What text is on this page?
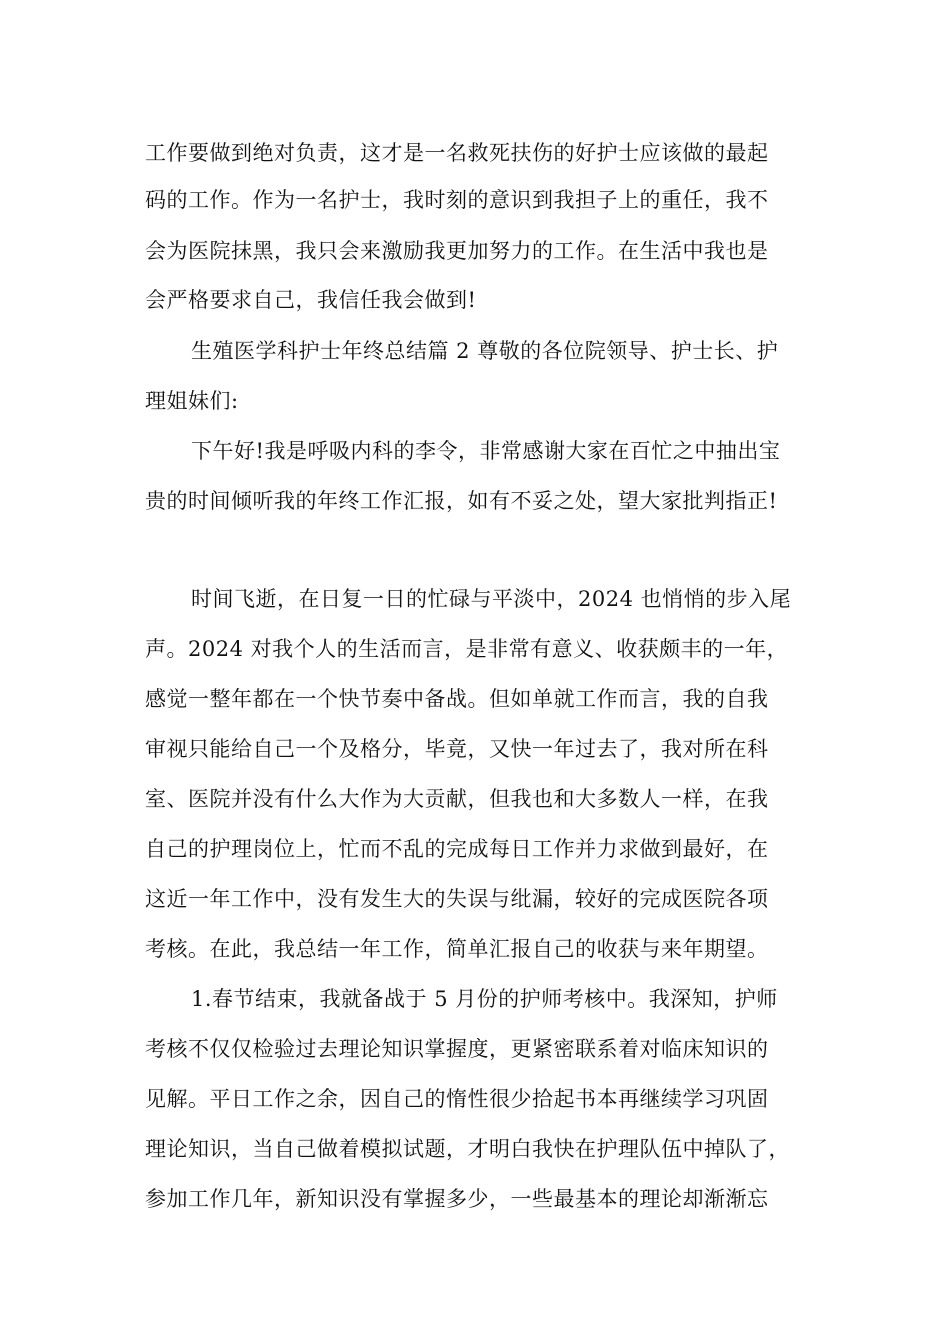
工作要做到绝对负责，这才是一名救死扶伤的好护士应该做的最起
码的工作。作为一名护士，我时刻的意识到我担子上的重任，我不
会为医院抹黑，我只会来激励我更加努力的工作。在生活中我也是
会严格要求自己，我信任我会做到!
生殖医学科护士年终总结篇 2 尊敬的各位院领导、护士长、护
理姐妹们:
下午好!我是呼吸内科的李令，非常感谢大家在百忙之中抽出宝
贵的时间倾听我的年终工作汇报，如有不妥之处，望大家批判指正!
时间飞逝，在日复一日的忙碌与平淡中，2024 也悄悄的步入尾
声。2024 对我个人的生活而言，是非常有意义、收获颇丰的一年，
感觉一整年都在一个快节奏中备战。但如单就工作而言，我的自我
审视只能给自己一个及格分，毕竟，又快一年过去了，我对所在科
室、医院并没有什么大作为大贡献，但我也和大多数人一样，在我
自己的护理岗位上，忙而不乱的完成每日工作并力求做到最好，在
这近一年工作中，没有发生大的失误与纰漏，较好的完成医院各项
考核。在此，我总结一年工作，简单汇报自己的收获与来年期望。
1.春节结束，我就备战于 5 月份的护师考核中。我深知，护师
考核不仅仅检验过去理论知识掌握度，更紧密联系着对临床知识的
见解。平日工作之余，因自己的惰性很少拾起书本再继续学习巩固
理论知识，当自己做着模拟试题，才明白我快在护理队伍中掉队了，
参加工作几年，新知识没有掌握多少，一些最基本的理论却渐渐忘
